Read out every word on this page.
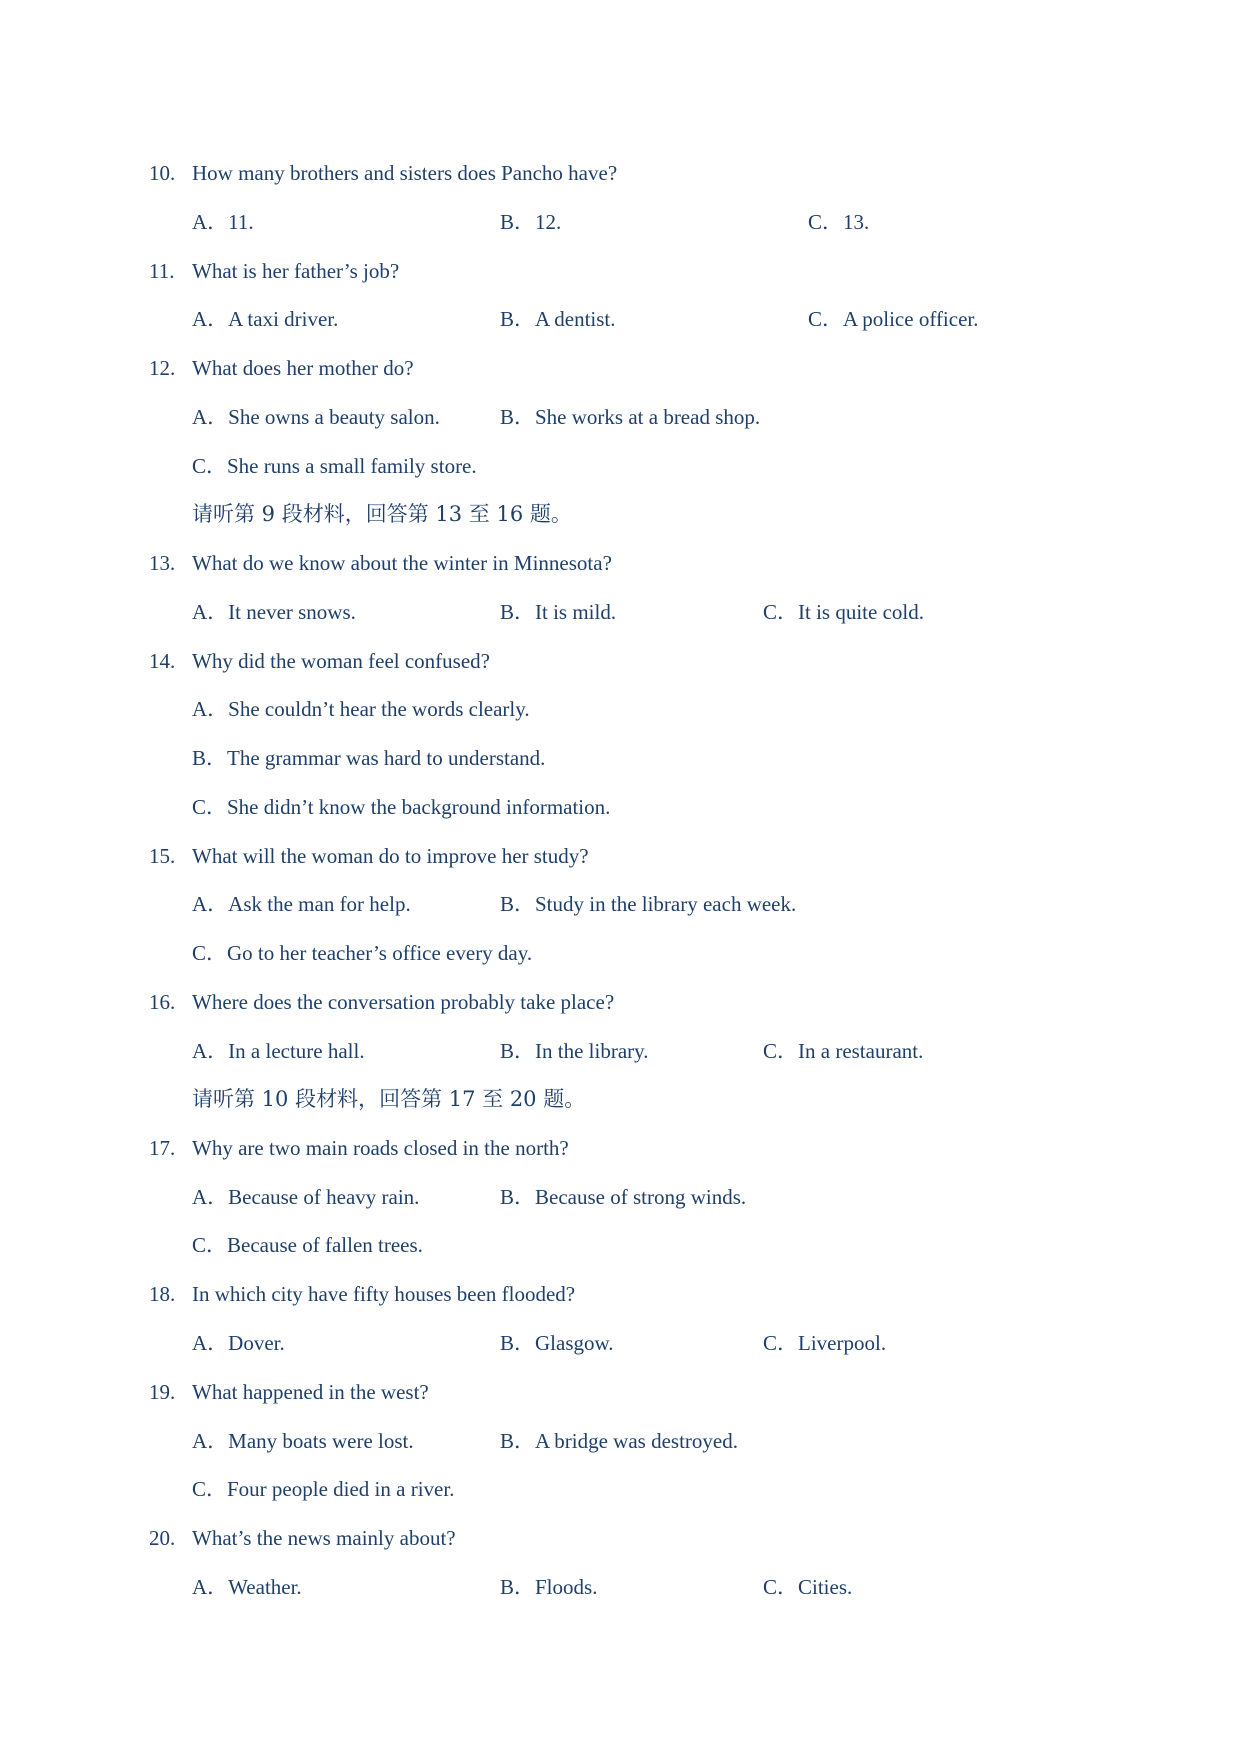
10. How many brothers and sisters does Pancho have?
A．11.	B．12.	C．13.
11. What is her father’s job?
A．A taxi driver.	B．A dentist.	C．A police officer.
12. What does her mother do?
A．She owns a beauty salon.	B．She works at a bread shop.
C．She runs a small family store.
请听第 9 段材料，回答第 13 至 16 题。
13. What do we know about the winter in Minnesota?
A．It never snows.	B．It is mild.	C．It is quite cold.
14. Why did the woman feel confused?
A．She couldn’t hear the words clearly.
B．The grammar was hard to understand.
C．She didn’t know the background information.
15. What will the woman do to improve her study?
A．Ask the man for help.	B．Study in the library each week.
C．Go to her teacher’s office every day.
16. Where does the conversation probably take place?
A．In a lecture hall.	B．In the library.	C．In a restaurant.
请听第 10 段材料，回答第 17 至 20 题。
17. Why are two main roads closed in the north?
A．Because of heavy rain.	B．Because of strong winds.
C．Because of fallen trees.
18. In which city have fifty houses been flooded?
A．Dover.	B．Glasgow.	C．Liverpool.
19. What happened in the west?
A．Many boats were lost.	B．A bridge was destroyed.
C．Four people died in a river.
20. What’s the news mainly about?
A．Weather.	B．Floods.	C．Cities.
